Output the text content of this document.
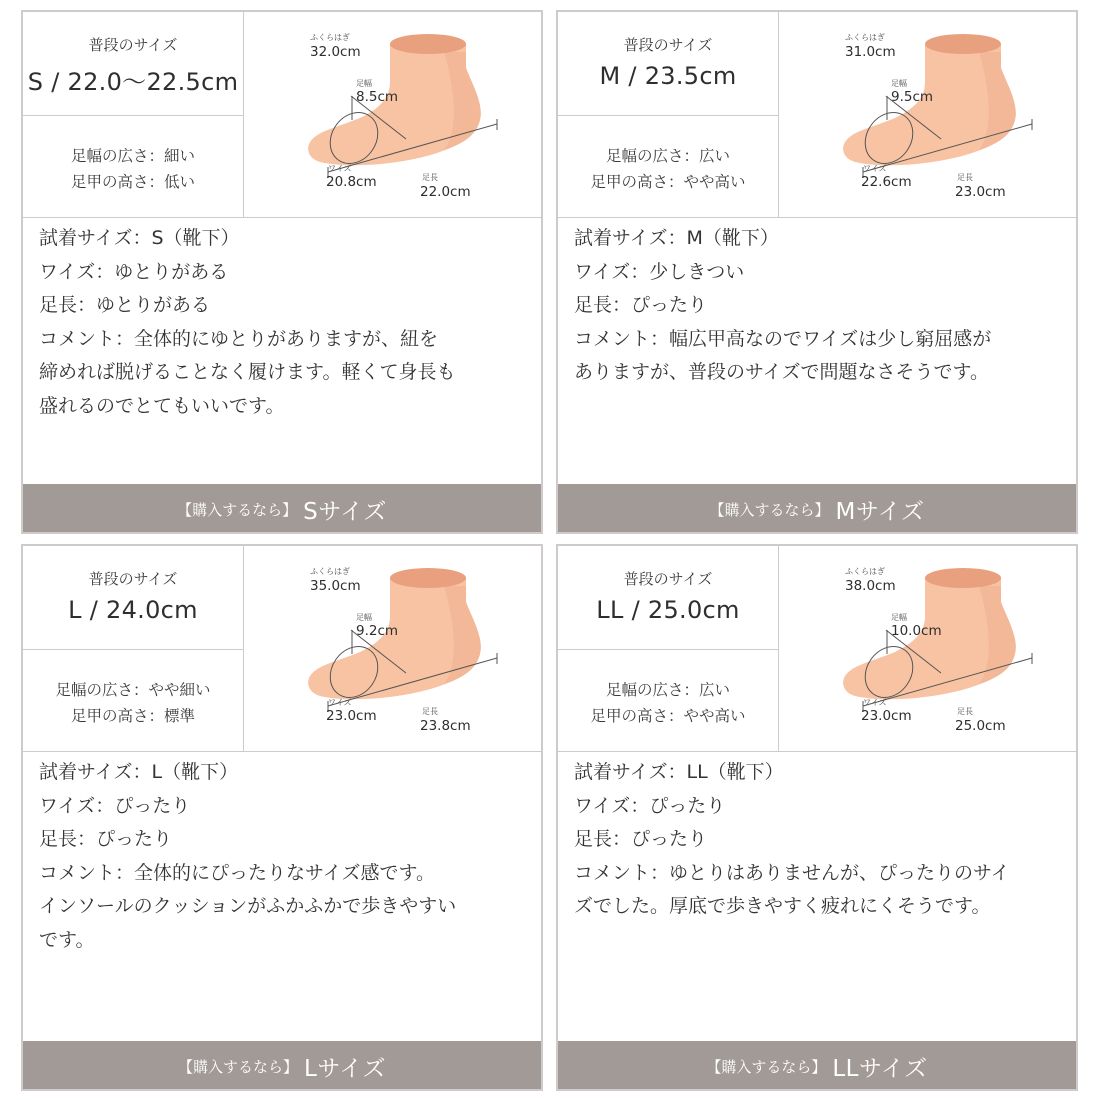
普段のサイズ
S / 22.0〜22.5cm
足幅の広さ：細い
足甲の高さ：低い
ふくらはぎ
32.0cm
足幅
8.5cm
ワイズ
20.8cm	足長
22.0cm
試着サイズ：S（靴下）
ワイズ：ゆとりがある
足長：ゆとりがある
コメント：全体的にゆとりがありますが、紐を
締めれば脱げることなく履けます。軽くて身長も
盛れるのでとてもいいです。
【購入するなら】 Sサイズ
普段のサイズ
M / 23.5cm
足幅の広さ：広い
足甲の高さ：やや高い
ふくらはぎ
31.0cm
足幅
9.5cm
ワイズ
22.6cm	足長
23.0cm
試着サイズ：M（靴下）
ワイズ：少しきつい
足長：ぴったり
コメント：幅広甲高なのでワイズは少し窮屈感が
ありますが、普段のサイズで問題なさそうです。
【購入するなら】 Mサイズ
普段のサイズ
L / 24.0cm
足幅の広さ：やや細い
足甲の高さ：標準
ふくらはぎ
35.0cm
足幅
9.2cm
ワイズ
23.0cm	足長
23.8cm
試着サイズ：L（靴下）
ワイズ：ぴったり
足長：ぴったり
コメント：全体的にぴったりなサイズ感です。
インソールのクッションがふかふかで歩きやすい
です。
【購入するなら】 Lサイズ
普段のサイズ
LL / 25.0cm
足幅の広さ：広い
足甲の高さ：やや高い
ふくらはぎ
38.0cm
足幅
10.0cm
ワイズ
23.0cm	足長
25.0cm
試着サイズ：LL（靴下）
ワイズ：ぴったり
足長：ぴったり
コメント：ゆとりはありませんが、ぴったりのサイ
ズでした。厚底で歩きやすく疲れにくそうです。
【購入するなら】 LLサイズ
